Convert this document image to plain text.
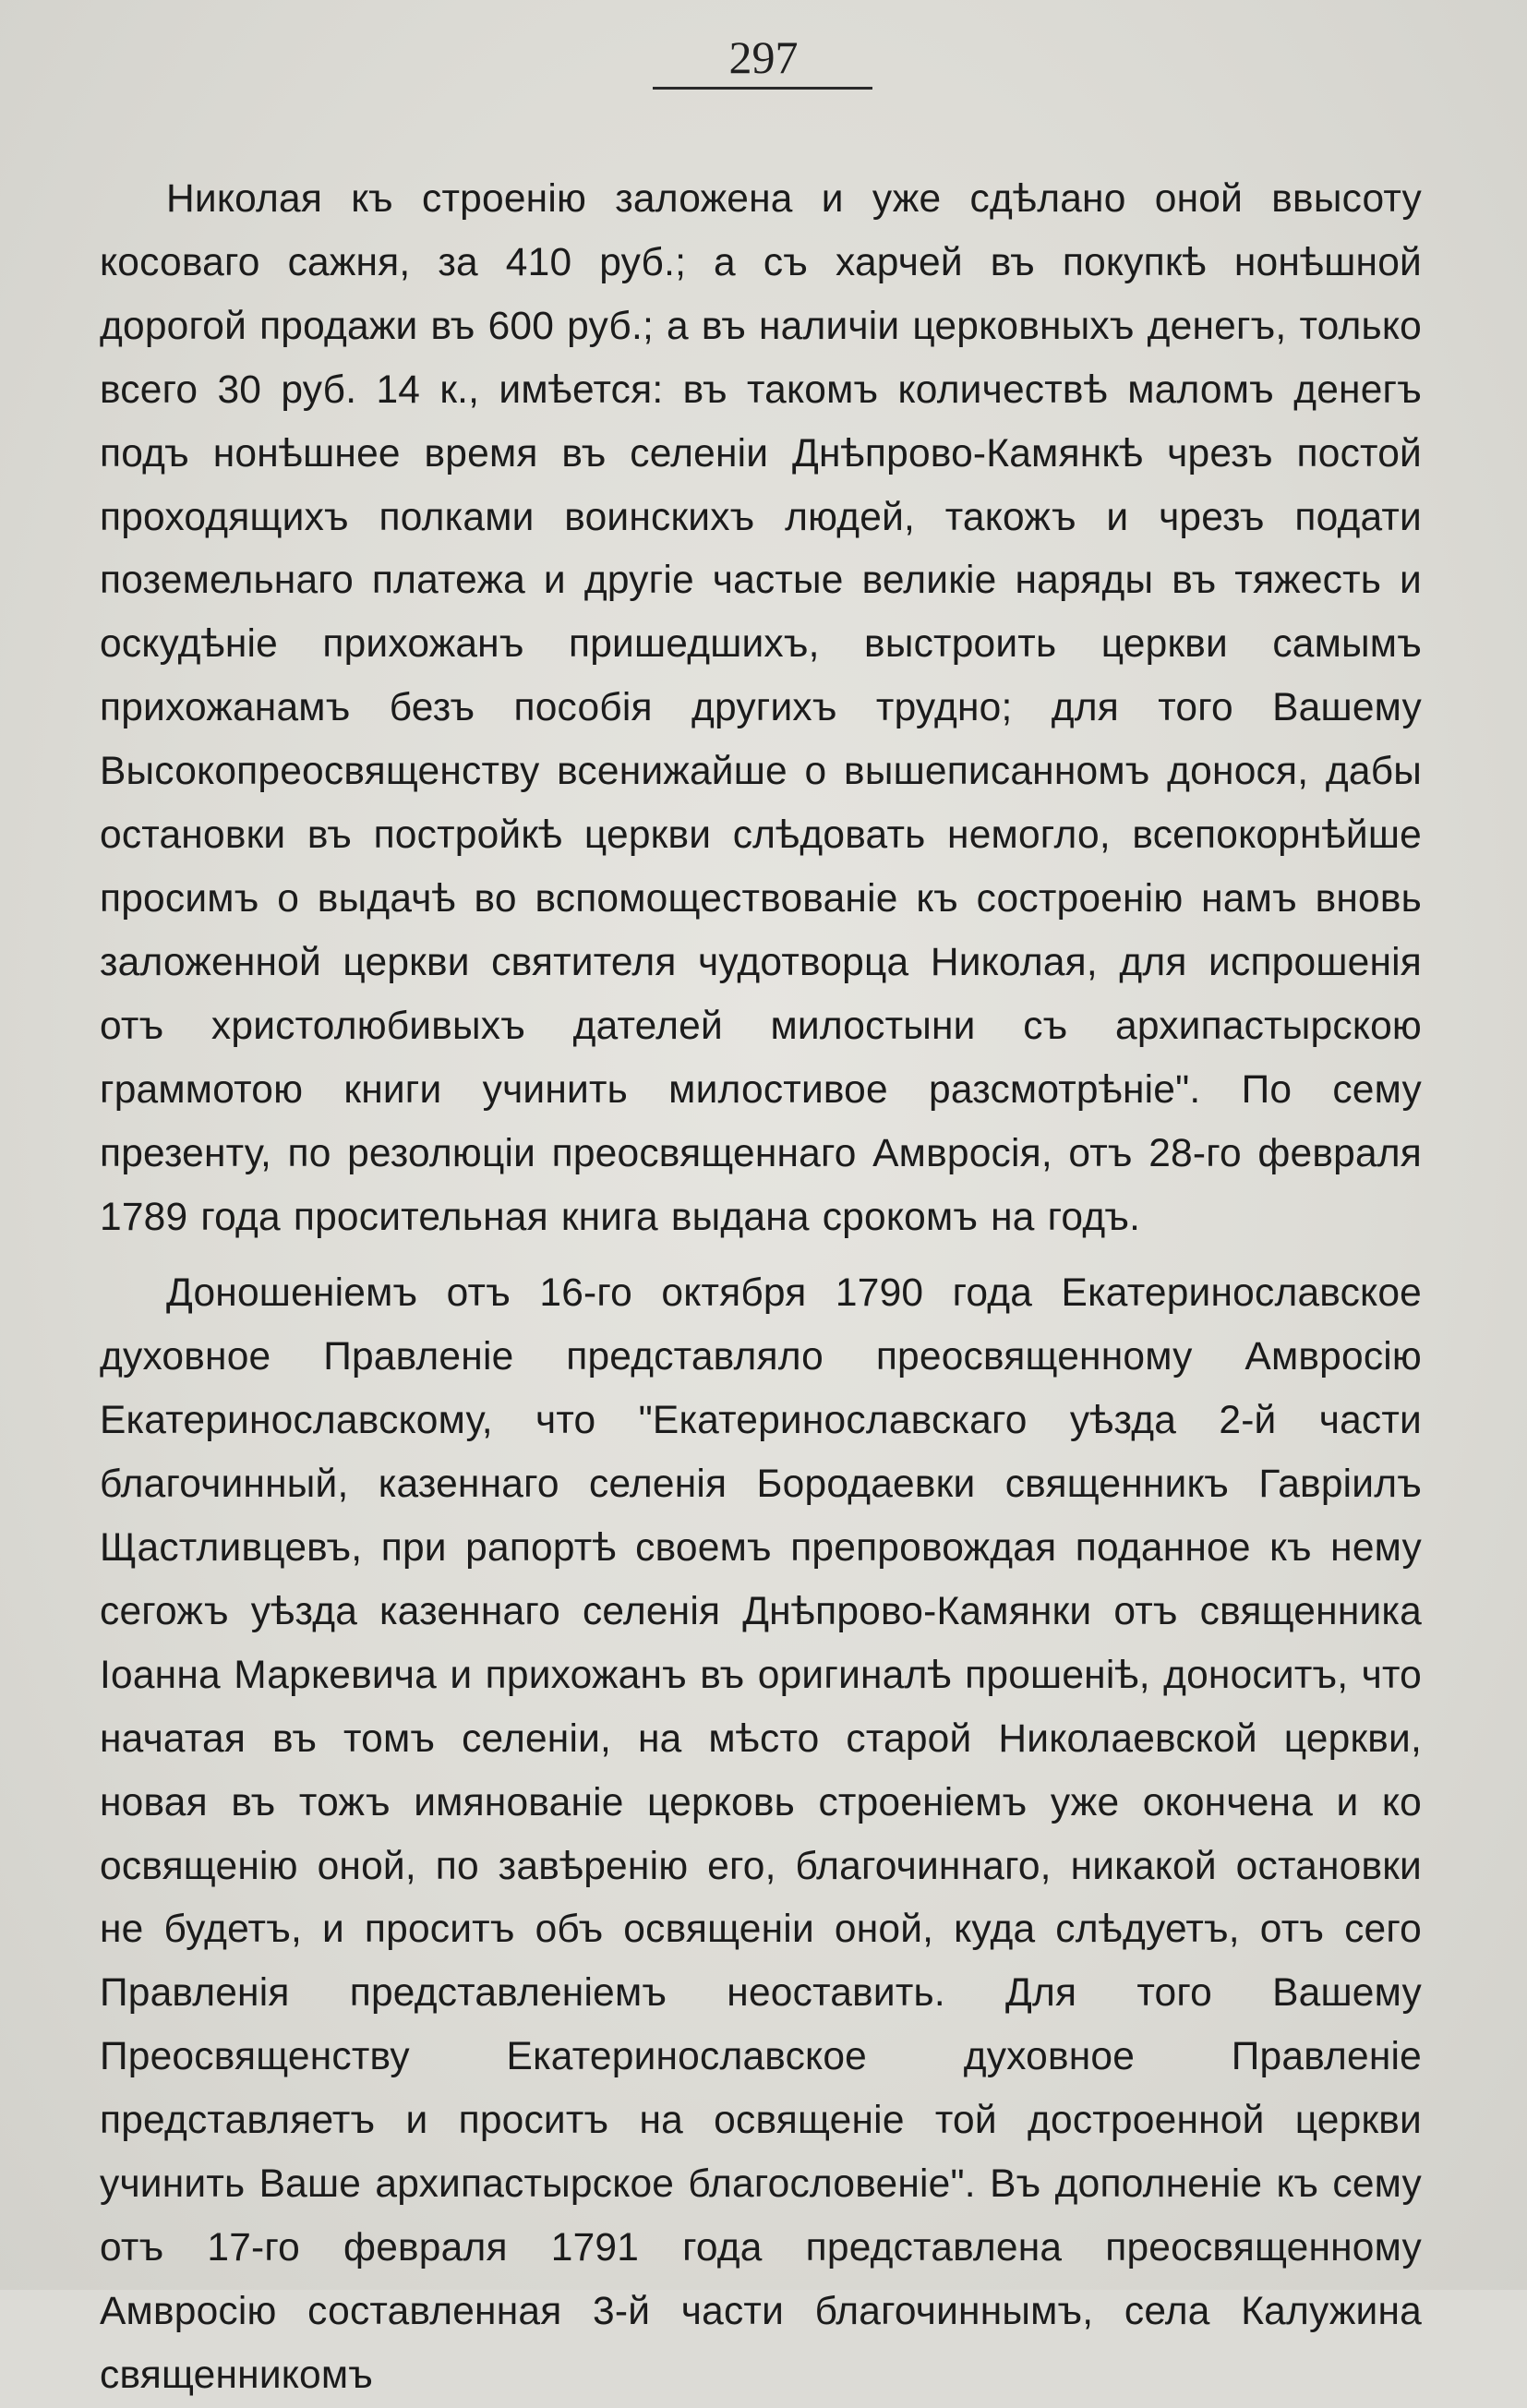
297

Николая къ строенію заложена и уже сдѣлано оной ввысоту косоваго сажня, за 410 руб.; а съ харчей въ покупкѣ нонѣшной дорогой продажи въ 600 руб.; а въ наличіи церковныхъ денегъ, только всего 30 руб. 14 к., имѣется: въ такомъ количествѣ маломъ денегъ подъ нонѣшнее время въ селеніи Днѣпрово-Камянкѣ чрезъ постой проходящихъ полками воинскихъ людей, такожъ и чрезъ подати поземельнаго платежа и другіе частые великіе наряды въ тяжесть и оскудѣніе прихожанъ пришедшихъ, выстроить церкви самымъ прихожанамъ безъ пособія другихъ трудно; для того Вашему Высокопреосвященству всенижайше о вышеписанномъ донося, дабы остановки въ постройкѣ церкви слѣдовать немогло, всепокорнѣйше просимъ о выдачѣ во вспомоществованіе къ состроенію намъ вновь заложенной церкви святителя чудотворца Николая, для испрошенія отъ христолюбивыхъ дателей милостыни съ архипастырскою граммотою книги учинить милостивое разсмотрѣніе". По сему презенту, по резолюціи преосвященнаго Амвросія, отъ 28-го февраля 1789 года просительная книга выдана срокомъ на годъ.

Доношеніемъ отъ 16-го октября 1790 года Екатеринославское духовное Правленіе представляло преосвященному Амвросію Екатеринославскому, что "Екатеринославскаго уѣзда 2-й части благочинный, казеннаго селенія Бородаевки священникъ Гавріилъ Щастливцевъ, при рапортѣ своемъ препровождая поданное къ нему сегожъ уѣзда казеннаго селенія Днѣпрово-Камянки отъ священника Іоанна Маркевича и прихожанъ въ оригиналѣ прошенiѣ, доноситъ, что начатая въ томъ селеніи, на мѣсто старой Николаевской церкви, новая въ тожъ имянованіе церковь строеніемъ уже окончена и ко освященію оной, по завѣренію его, благочиннаго, никакой остановки не будетъ, и проситъ объ освященіи оной, куда слѣдуетъ, отъ сего Правленія представленіемъ неоставить. Для того Вашему Преосвященству Екатеринославское духовное Правленіе представляетъ и проситъ на освященіе той достроенной церкви учинить Ваше архипастырское благословеніе". Въ дополненіе къ сему отъ 17-го февраля 1791 года представлена преосвященному Амвросію составленная 3-й части благочиннымъ, села Калужина священникомъ
